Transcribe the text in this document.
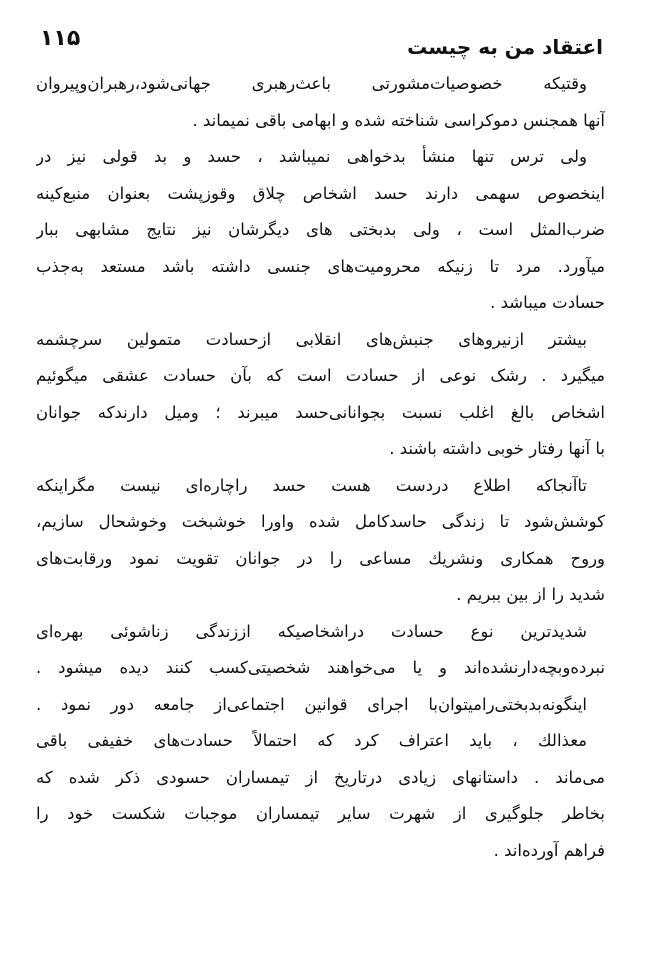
اعتقاد من به چیست
۱۱۵
وقتیکه خصوصیات‌مشورتی باعث‌رهبری جهانی‌شود،رهبران‌وپیروان
آنها همجنس دموکراسی شناخته شده و ابهامی باقی نمیماند .
ولی ترس تنها منشأ بدخواهی نمیباشد ، حسد و بد قولی نیز در
اینخصوص سهمی دارند حسد اشخاص چلاق وقوزپشت بعنوان منبع‌کینه
ضرب‌المثل است ، ولی بدبختی های دیگرشان نیز نتایج مشابهی ببار
میآورد. مرد تا زنیکه محرومیت‌های جنسی داشته باشد مستعد به‌جذب
حسادت میباشد .
بیشتر ازنیروهای جنبش‌های انقلابی ازحسادت متمولین سرچشمه
میگیرد . رشک نوعی از حسادت است که بآن حسادت عشقی میگوئیم
اشخاص بالغ اغلب نسبت بجوانانی‌حسد میبرند ؛ ومیل دارندکه جوانان
با آنها رفتار خوبی داشته باشند .
تاآنجاکه اطلاع دردست هست حسد راچاره‌ای نیست مگراینکه
کوشش‌شود تا زندگی حاسدکامل شده واورا خوشبخت وخوشحال سازیم،
وروح همکاری ونشریك مساعی را در جوانان تقویت نمود ورقابت‌های
شدید را از بین ببریم .
شدیدترین نوع حسادت دراشخاصیکه اززندگی زناشوئی بهره‌ای
نبرده‌وبچه‌دارنشده‌اند و یا می‌خواهند شخصیتی‌کسب کنند دیده میشود .
اینگونه‌بدبختی‌رامیتوان‌با اجرای قوانین اجتماعی‌از جامعه دور نمود .
معذالك ، باید اعتراف کرد که احتمالاً حسادت‌های خفیفی باقی
می‌ماند . داستانهای زیادی درتاریخ از تیمساران حسودی ذکر شده که
بخاطر جلوگیری از شهرت سایر تیمساران موجبات شکست خود را
فراهم آورده‌اند .
